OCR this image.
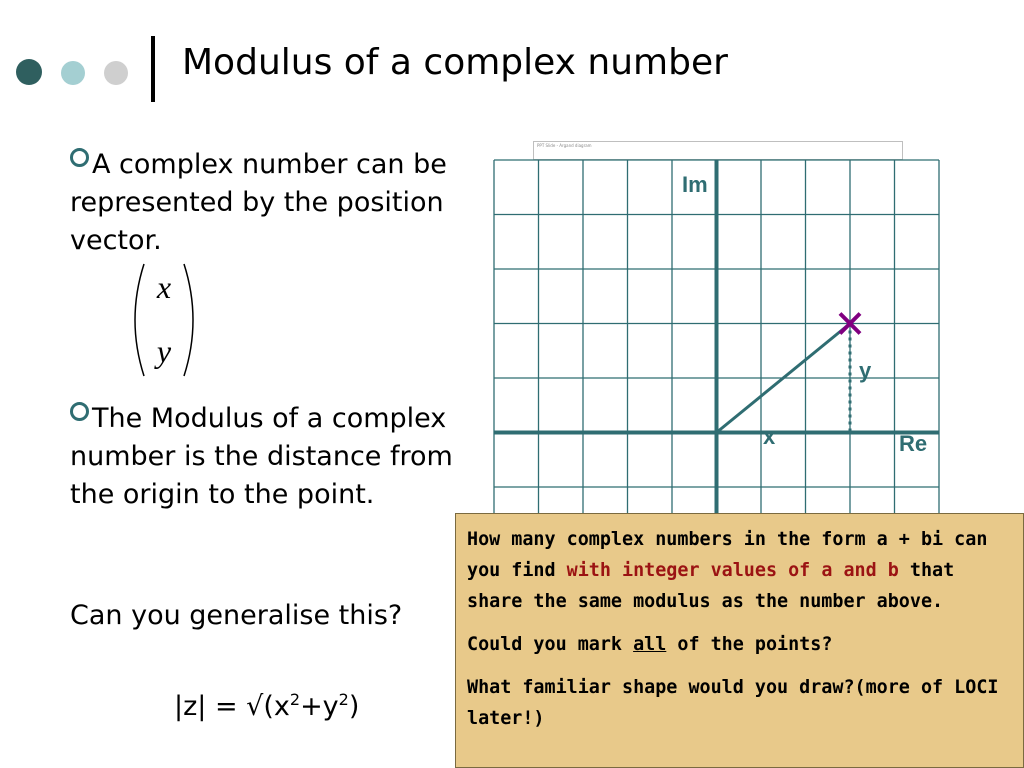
Modulus of a complex number
A complex number can be represented by the position vector.
x
y
The Modulus of a complex number is the distance from the origin to the point.
Can you generalise this?
$|z| = √(x^2+y^2)$
PPT Slide - Argand diagram
Im
Re
x
y

How many complex numbers in the form a + bi can you find with integer values of a and b that share the same modulus as the number above.

Could you mark all of the points?

What familiar shape would you draw?(more of LOCI later!)
